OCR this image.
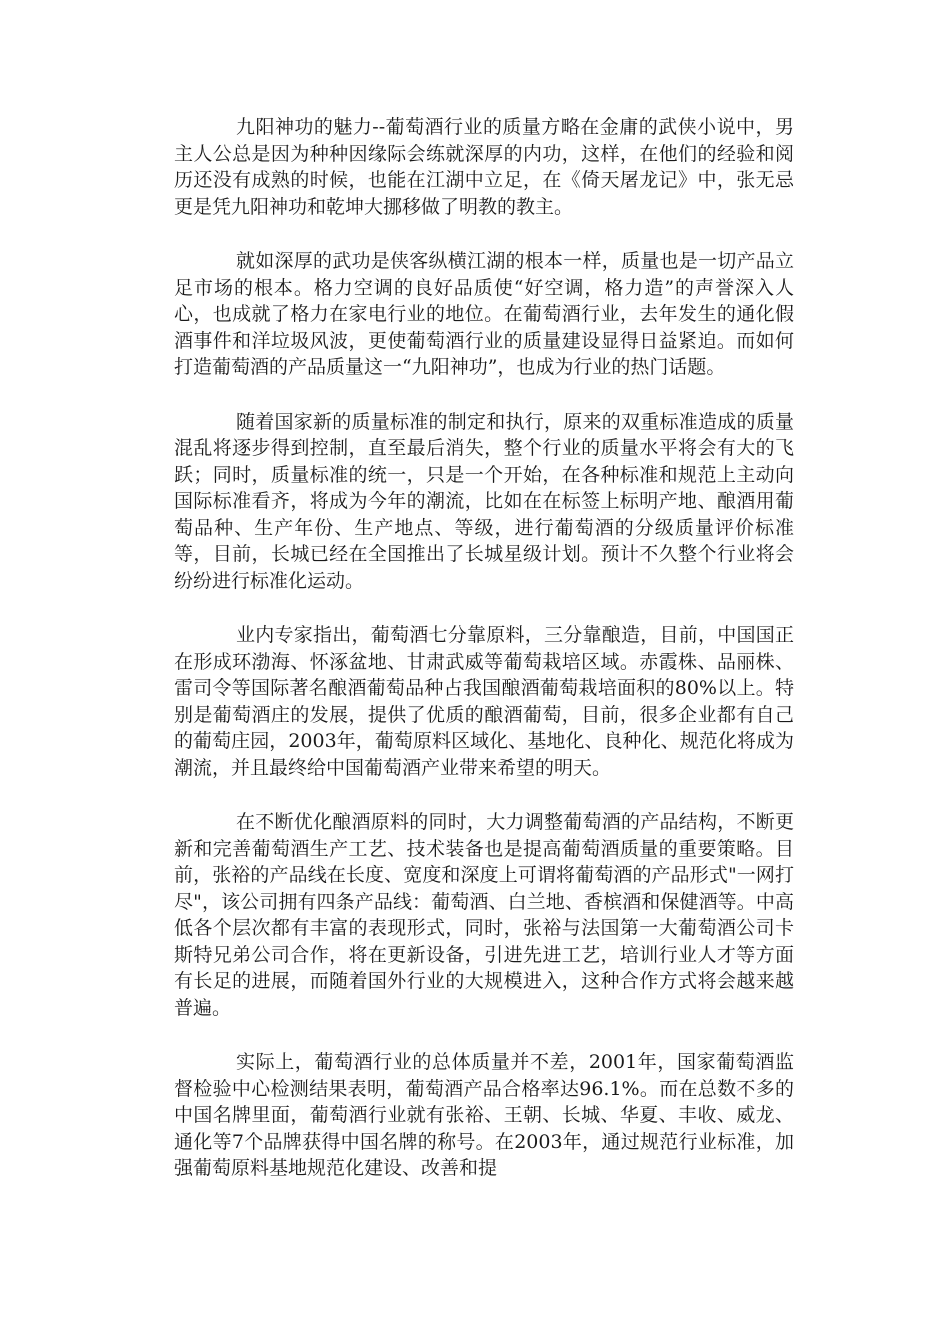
九阳神功的魅力--葡萄酒行业的质量方略在金庸的武侠小说中，男主人公总是因为种种因缘际会练就深厚的内功，这样，在他们的经验和阅历还没有成熟的时候，也能在江湖中立足，在《倚天屠龙记》中，张无忌更是凭九阳神功和乾坤大挪移做了明教的教主。

就如深厚的武功是侠客纵横江湖的根本一样，质量也是一切产品立足市场的根本。格力空调的良好品质使“好空调，格力造”的声誉深入人心，也成就了格力在家电行业的地位。在葡萄酒行业，去年发生的通化假酒事件和洋垃圾风波，更使葡萄酒行业的质量建设显得日益紧迫。而如何打造葡萄酒的产品质量这一“九阳神功”，也成为行业的热门话题。

随着国家新的质量标准的制定和执行，原来的双重标准造成的质量混乱将逐步得到控制，直至最后消失，整个行业的质量水平将会有大的飞跃；同时，质量标准的统一，只是一个开始，在各种标准和规范上主动向国际标准看齐，将成为今年的潮流，比如在在标签上标明产地、酿酒用葡萄品种、生产年份、生产地点、等级，进行葡萄酒的分级质量评价标准等，目前，长城已经在全国推出了长城星级计划。预计不久整个行业将会纷纷进行标准化运动。

业内专家指出，葡萄酒七分靠原料，三分靠酿造，目前，中国国正在形成环渤海、怀涿盆地、甘肃武威等葡萄栽培区域。赤霞株、品丽株、雷司令等国际著名酿酒葡萄品种占我国酿酒葡萄栽培面积的80%以上。特别是葡萄酒庄的发展，提供了优质的酿酒葡萄，目前，很多企业都有自己的葡萄庄园，2003年，葡萄原料区域化、基地化、良种化、规范化将成为潮流，并且最终给中国葡萄酒产业带来希望的明天。

在不断优化酿酒原料的同时，大力调整葡萄酒的产品结构，不断更新和完善葡萄酒生产工艺、技术装备也是提高葡萄酒质量的重要策略。目前，张裕的产品线在长度、宽度和深度上可谓将葡萄酒的产品形式"一网打尽"，该公司拥有四条产品线：葡萄酒、白兰地、香槟酒和保健酒等。中高低各个层次都有丰富的表现形式，同时，张裕与法国第一大葡萄酒公司卡斯特兄弟公司合作，将在更新设备，引进先进工艺，培训行业人才等方面有长足的进展，而随着国外行业的大规模进入，这种合作方式将会越来越普遍。

实际上，葡萄酒行业的总体质量并不差，2001年，国家葡萄酒监督检验中心检测结果表明，葡萄酒产品合格率达96.1%。而在总数不多的中国名牌里面，葡萄酒行业就有张裕、王朝、长城、华夏、丰收、威龙、通化等7个品牌获得中国名牌的称号。在2003年，通过规范行业标准，加强葡萄原料基地规范化建设、改善和提
